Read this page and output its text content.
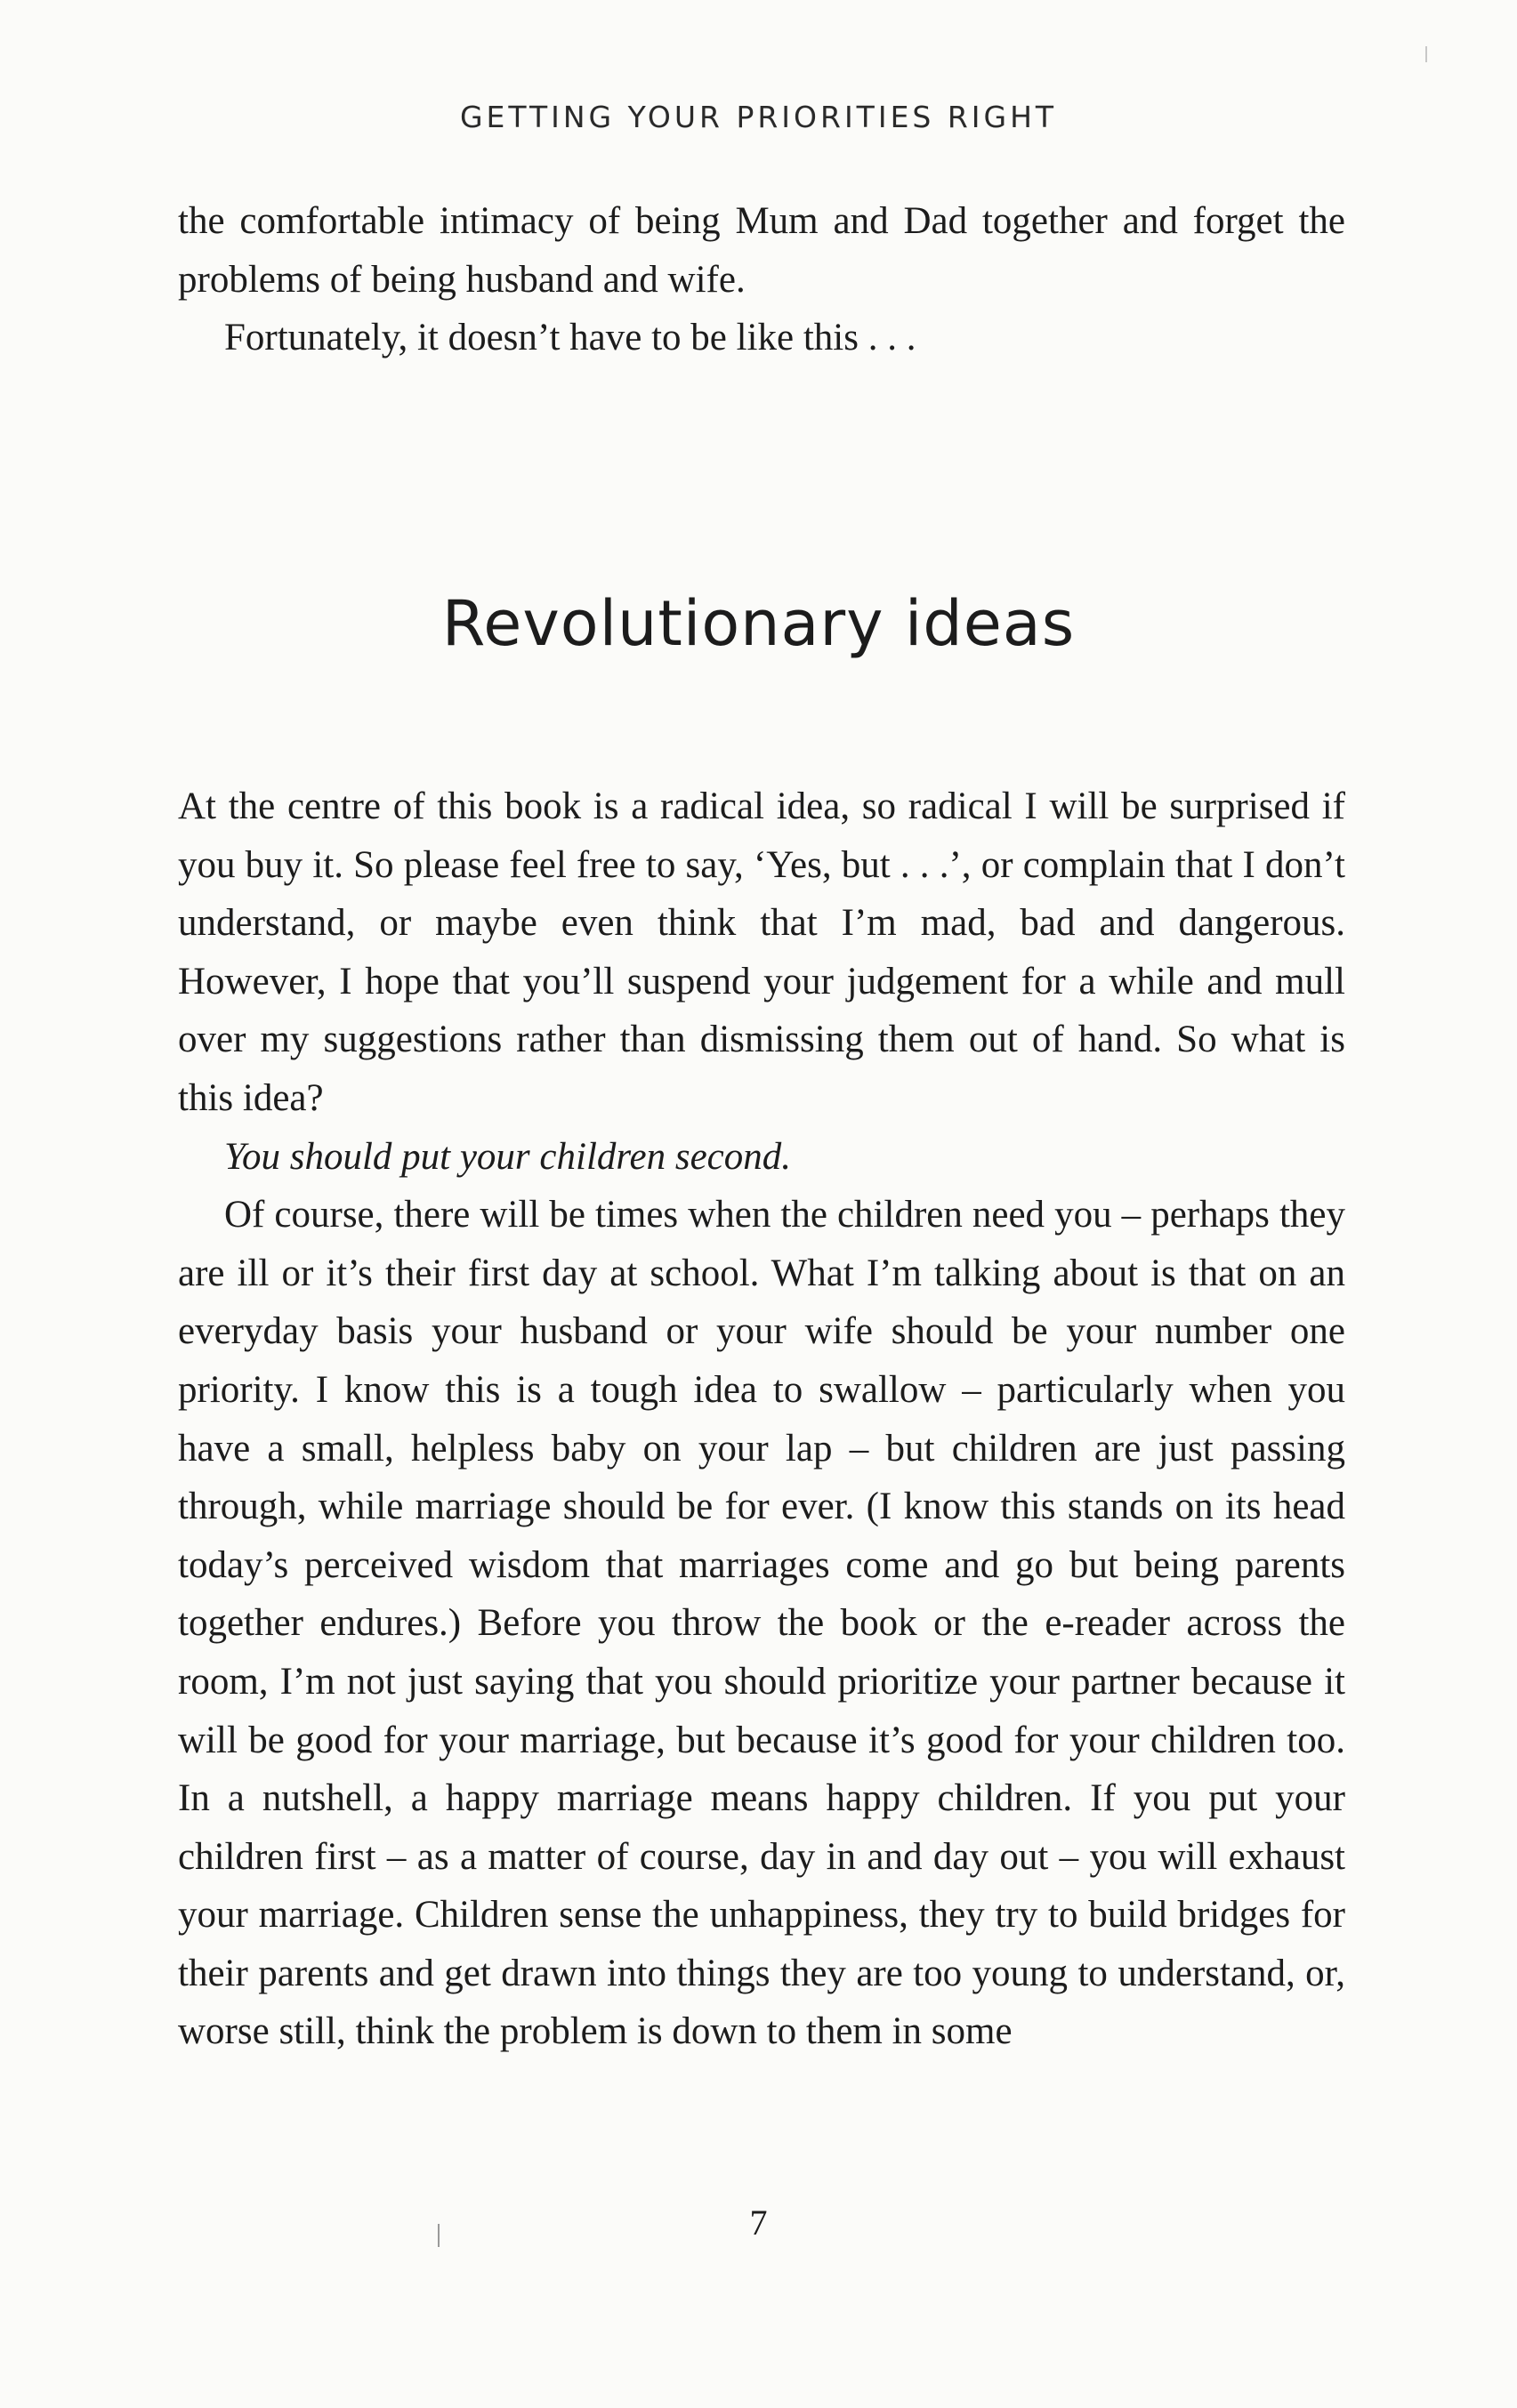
GETTING YOUR PRIORITIES RIGHT

the comfortable intimacy of being Mum and Dad together and forget the problems of being husband and wife.

Fortunately, it doesn’t have to be like this . . .

Revolutionary ideas

At the centre of this book is a radical idea, so radical I will be surprised if you buy it. So please feel free to say, ‘Yes, but . . .’, or complain that I don’t understand, or maybe even think that I’m mad, bad and dangerous. However, I hope that you’ll suspend your judgement for a while and mull over my suggestions rather than dismissing them out of hand. So what is this idea?

You should put your children second.

Of course, there will be times when the children need you – perhaps they are ill or it’s their first day at school. What I’m talking about is that on an everyday basis your husband or your wife should be your number one priority. I know this is a tough idea to swallow – particularly when you have a small, helpless baby on your lap – but children are just passing through, while marriage should be for ever. (I know this stands on its head today’s perceived wisdom that marriages come and go but being parents together endures.) Before you throw the book or the e-reader across the room, I’m not just saying that you should prioritize your partner because it will be good for your marriage, but because it’s good for your children too. In a nutshell, a happy marriage means happy children. If you put your children first – as a matter of course, day in and day out – you will exhaust your marriage. Children sense the unhappiness, they try to build bridges for their parents and get drawn into things they are too young to understand, or, worse still, think the problem is down to them in some

7
